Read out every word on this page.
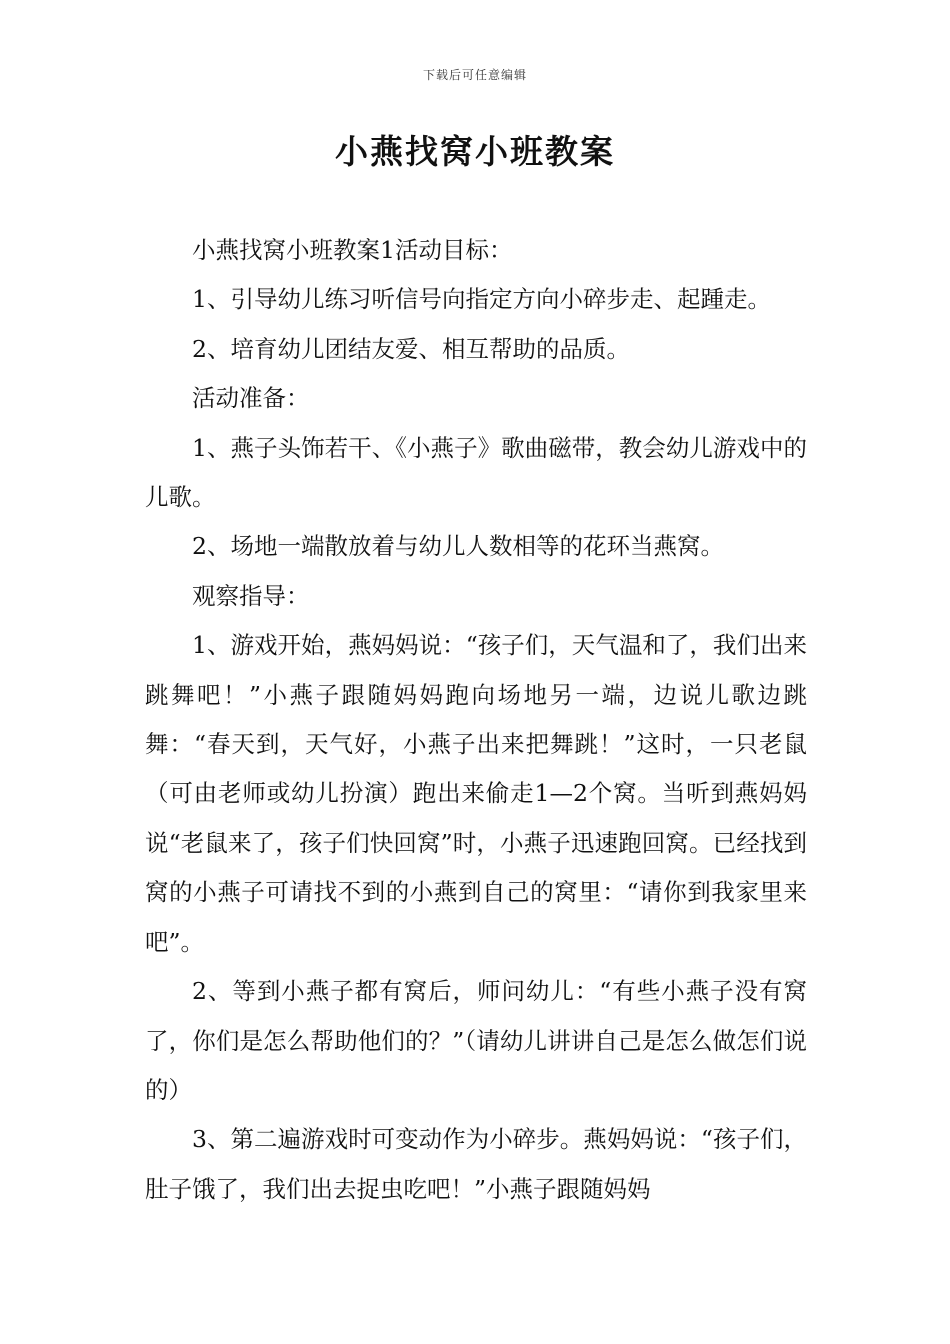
下载后可任意编辑
小燕找窝小班教案

小燕找窝小班教案1活动目标：

1、引导幼儿练习听信号向指定方向小碎步走、起踵走。

2、培育幼儿团结友爱、相互帮助的品质。

活动准备：

1、燕子头饰若干、《小燕子》歌曲磁带，教会幼儿游戏中的儿歌。

2、场地一端散放着与幼儿人数相等的花环当燕窝。

观察指导：

1、游戏开始，燕妈妈说：“孩子们，天气温和了，我们出来跳舞吧！”小燕子跟随妈妈跑向场地另一端，边说儿歌边跳舞：“春天到，天气好，小燕子出来把舞跳！”这时，一只老鼠（可由老师或幼儿扮演）跑出来偷走1—2个窝。当听到燕妈妈说“老鼠来了，孩子们快回窝”时，小燕子迅速跑回窝。已经找到窝的小燕子可请找不到的小燕到自己的窝里：“请你到我家里来吧”。

2、等到小燕子都有窝后，师问幼儿：“有些小燕子没有窝了，你们是怎么帮助他们的？”（请幼儿讲讲自己是怎么做怎们说的）

3、第二遍游戏时可变动作为小碎步。燕妈妈说：“孩子们，肚子饿了，我们出去捉虫吃吧！”小燕子跟随妈妈
